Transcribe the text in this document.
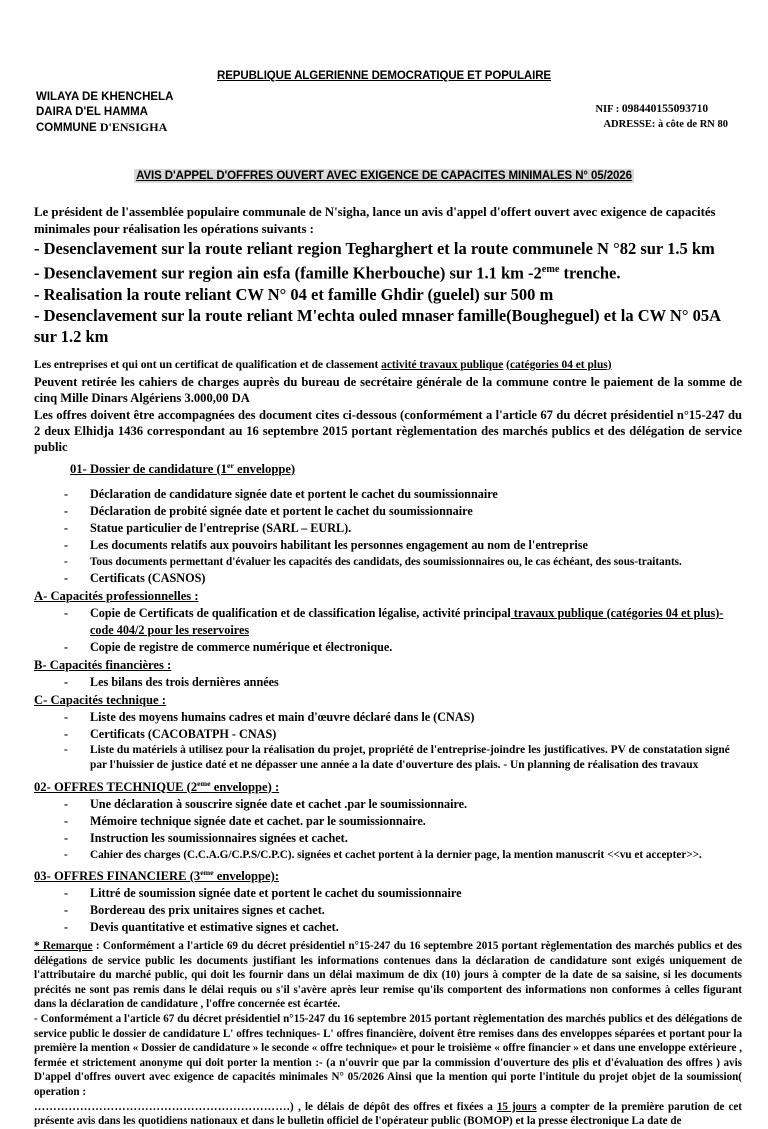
REPUBLIQUE ALGERIENNE DEMOCRATIQUE ET POPULAIRE
WILAYA DE KHENCHELA
DAIRA D'EL HAMMA
COMMUNE D'ENSIGHA
NIF : 098440155093710
ADRESSE: à côte de RN 80
AVIS D'APPEL D'OFFRES OUVERT AVEC EXIGENCE DE CAPACITES MINIMALES N° 05/2026
Le président de l'assemblée populaire communale de N'sigha, lance un avis d'appel d'offert ouvert avec exigence de capacités minimales pour réalisation les opérations suivants :
- Desenclavement sur la route reliant region Tegharghert et la route communele N °82 sur 1.5 km
- Desenclavement sur region ain esfa (famille Kherbouche) sur 1.1 km -2eme trenche.
- Realisation la route reliant CW N° 04 et famille Ghdir (guelel) sur 500 m
- Desenclavement sur la route reliant M'echta ouled mnaser famille(Bougheguel) et la CW N° 05A sur 1.2 km
Les entreprises et qui ont un certificat de qualification et de classement activité travaux publique (catégories 04 et plus)
Peuvent retirée les cahiers de charges auprès du bureau de secrétaire générale de la commune contre le paiement de la somme de cinq Mille Dinars Algériens 3.000,00 DA
Les offres doivent être accompagnées des document cites ci-dessous (conformément a l'article 67 du décret présidentiel n°15-247 du 2 deux Elhidja 1436 correspondant au 16 septembre 2015 portant règlementation des marchés publics et des délégation de service public
01- Dossier de candidature (1er enveloppe)
- Déclaration de candidature signée date et portent le cachet du soumissionnaire
- Déclaration de probité signée date et portent le cachet du soumissionnaire
- Statue particulier de l'entreprise (SARL – EURL).
- Les documents relatifs aux pouvoirs habilitant les personnes engagement au nom de l'entreprise
- Tous documents permettant d'évaluer les capacités des candidats, des soumissionnaires ou, le cas échéant, des sous-traitants.
- Certificats (CASNOS)
A- Capacités professionnelles :
- Copie de Certificats de qualification et de classification légalise, activité principal travaux publique (catégories 04 et plus)-code 404/2 pour les reservoires
- Copie de registre de commerce numérique et électronique.
B- Capacités financières :
- Les bilans des trois dernières années
C- Capacités technique :
- Liste des moyens humains cadres et main d'œuvre déclaré dans le (CNAS)
- Certificats (CACOBATPH - CNAS)
- Liste du matériels à utilisez pour la réalisation du projet, propriété de l'entreprise-joindre les justificatives. PV de constatation signé par l'huissier de justice daté et ne dépasser une année a la date d'ouverture des plais. - Un planning de réalisation des travaux
02- OFFRES TECHNIQUE (2eme enveloppe) :
- Une déclaration à souscrire signée date et cachet .par le soumissionnaire.
- Mémoire technique signée date et cachet. par le soumissionnaire.
- Instruction les soumissionnaires signées et cachet.
- Cahier des charges (C.C.A.G/C.P.S/C.P.C). signées et cachet portent à la dernier page, la mention manuscrit <<vu et accepter>>.
03- OFFRES FINANCIERE (3eme enveloppe):
- Littré de soumission signée date et portent le cachet du soumissionnaire
- Bordereau des prix unitaires signes et cachet.
- Devis quantitative et estimative signes et cachet.

* Remarque : Conformément a l'article 69 du décret présidentiel n°15-247 du 16 septembre 2015 portant règlementation des marchés publics et des délégations de service public les documents justifiant les informations contenues dans la déclaration de candidature sont exigés uniquement de l'attributaire du marché public, qui doit les fournir dans un délai maximum de dix (10) jours à compter de la date de sa saisine, si les documents précités ne sont pas remis dans le délai requis ou s'il s'avère après leur remise qu'ils comportent des informations non conformes à celles figurant dans la déclaration de candidature , l'offre concernée est écartée.

- Conformément a l'article 67 du décret présidentiel n°15-247 du 16 septembre 2015 portant règlementation des marchés publics et des délégations de service public le dossier de candidature L' offres techniques- L' offres financière, doivent être remises dans des enveloppes séparées et portant pour la première la mention « Dossier de candidature » le seconde « offre technique» et pour le troisième « offre financier » et dans une enveloppe extérieure , fermée et strictement anonyme qui doit porter la mention :- (a n'ouvrir que par la commission d'ouverture des plis et d'évaluation des offres ) avis D'appel d'offres ouvert avec exigence de capacités minimales N° 05/2026 Ainsi que la mention qui porte l'intitule du projet objet de la soumission( operation :

………………………………………………………….) , le délais de dépôt des offres et fixées a 15 jours a compter de la première parution de cet présente avis dans les quotidiens nationaux et dans le bulletin officiel de l'opérateur public (BOMOP) et la presse électronique La date de
